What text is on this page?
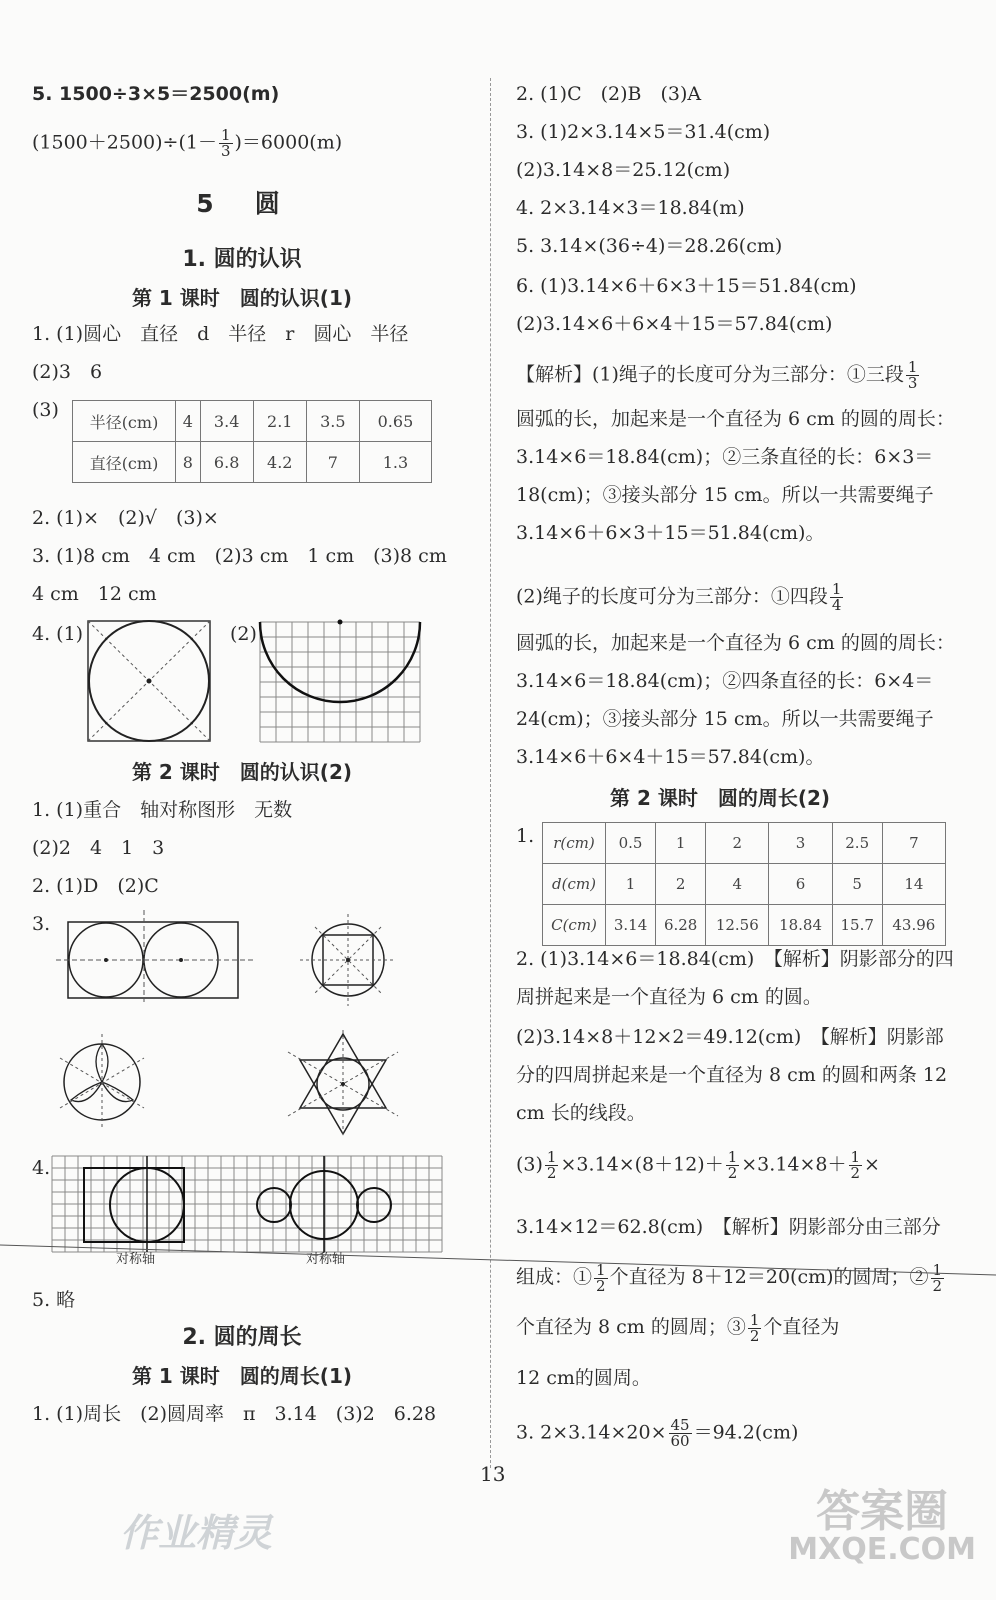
5. 1500÷3×5＝2500(m)
$(1500+2500)\div(1- \frac{1}{3} )=6000(m)$
5　圆
1. 圆的认识
第 1 课时　圆的认识(1)
1. (1)圆心　直径　d　半径　r　圆心　半径
(2)3　6
(3)
半径(cm)	4	3.4	2.1	3.5	0.65
直径(cm)	8	6.8	4.2	7	1.3
2. (1)×　(2)√　(3)×
3. (1)8 cm　4 cm　(2)3 cm　1 cm　(3)8 cm
4 cm　12 cm
4. (1)	(2)
第 2 课时　圆的认识(2)
1. (1)重合　轴对称图形　无数
(2)2　4　1　3
2. (1)D　(2)C
3.
4.
对称轴	对称轴
5. 略
2. 圆的周长
第 1 课时　圆的周长(1)
1. (1)周长　(2)圆周率　π　3.14　(3)2　6.28
2. (1)C　(2)B　(3)A
3. (1)2×3.14×5＝31.4(cm)
(2)3.14×8＝25.12(cm)
4. 2×3.14×3＝18.84(m)
5. 3.14×(36÷4)＝28.26(cm)
6. (1)3.14×6＋6×3＋15＝51.84(cm)
(2)3.14×6＋6×4＋15＝57.84(cm)
【解析】(1)绳子的长度可分为三部分：①三段 $\frac{1}{3}$
圆弧的长，加起来是一个直径为 6 cm 的圆的周长：3.14×6＝18.84(cm)；②三条直径的长：6×3＝18(cm)；③接头部分 15 cm。所以一共需要绳子 3.14×6＋6×3＋15＝51.84(cm)。
(2)绳子的长度可分为三部分：①四段 $\frac{1}{4}$
圆弧的长，加起来是一个直径为 6 cm 的圆的周长：3.14×6＝18.84(cm)；②四条直径的长：6×4＝24(cm)；③接头部分 15 cm。所以一共需要绳子 3.14×6＋6×4＋15＝57.84(cm)。
第 2 课时　圆的周长(2)
1. r(cm)	0.5	1	2	3	2.5	7
d(cm)	1	2	4	6	5	14
C(cm)	3.14	6.28	12.56	18.84	15.7	43.96
2. (1)3.14×6＝18.84(cm)　【解析】阴影部分的四周拼起来是一个直径为 6 cm 的圆。
(2)3.14×8＋12×2＝49.12(cm)　【解析】阴影部分的四周拼起来是一个直径为 8 cm 的圆和两条 12 cm 长的线段。
$(3) \frac{1}{2} \times 3.14\times(8+12)+ \frac{1}{2} \times 3.14\times 8+ \frac{1}{2}$ ×
3.14×12＝62.8(cm)　【解析】阴影部分由三部分组成：① $\frac{1}{2}$ 个直径为 8＋12＝20(cm)的圆周；② $\frac{1}{2}$
个直径为 8 cm 的圆周；③ $\frac{1}{2}$ 个直径为
12 cm的圆周。
3. $2\times 3.14\times 20\times \frac{45}{60} =94.2(cm)$
13
作业精灵	答案圈
MXQE.COM
